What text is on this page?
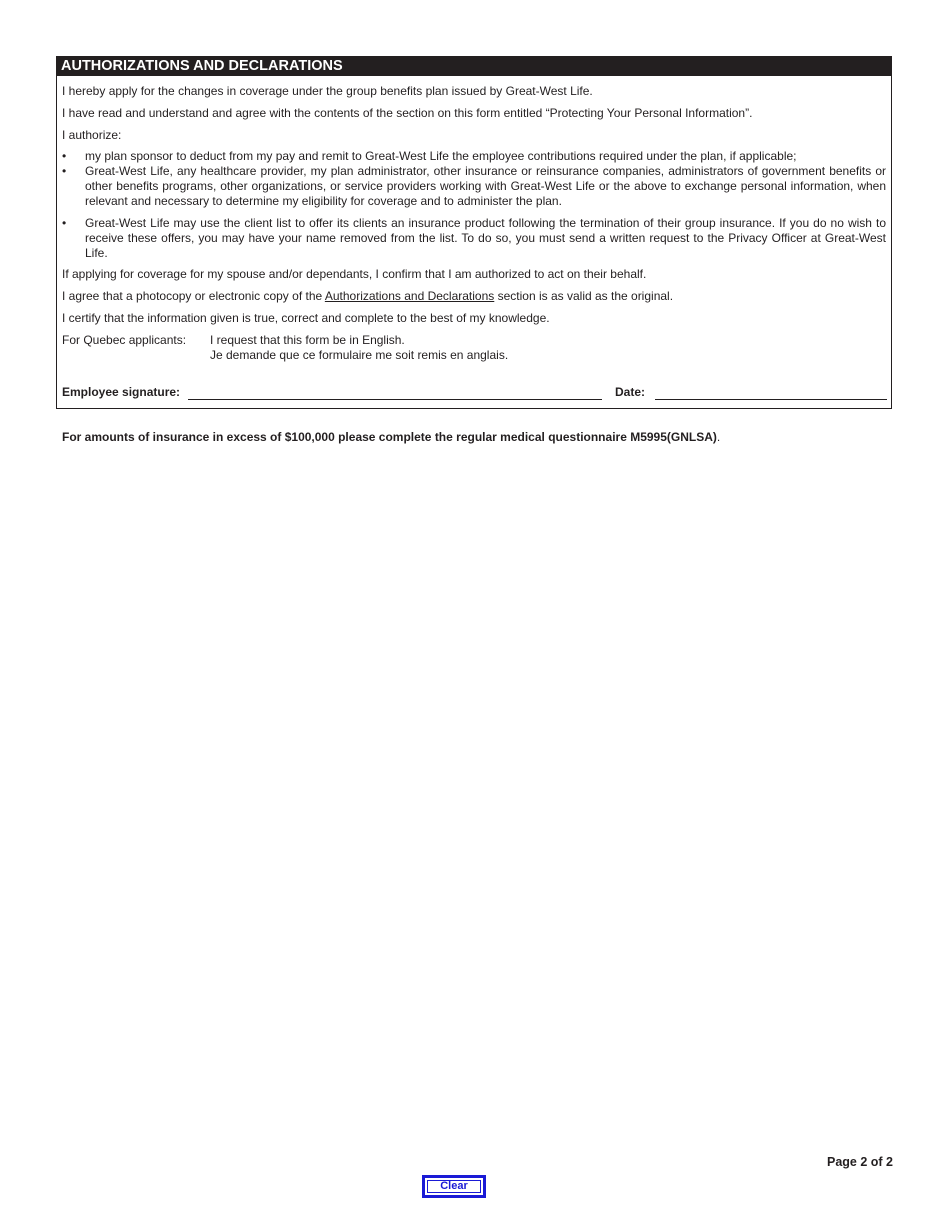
AUTHORIZATIONS AND DECLARATIONS

I hereby apply for the changes in coverage under the group benefits plan issued by Great-West Life.

I have read and understand and agree with the contents of the section on this form entitled “Protecting Your Personal Information”.

I authorize:

•	my plan sponsor to deduct from my pay and remit to Great-West Life the employee contributions required under the plan, if applicable;
•	Great-West Life, any healthcare provider, my plan administrator, other insurance or reinsurance companies, administrators of government benefits or other benefits programs, other organizations, or service providers working with Great-West Life or the above to exchange personal information, when relevant and necessary to determine my eligibility for coverage and to administer the plan.
•	Great-West Life may use the client list to offer its clients an insurance product following the termination of their group insurance. If you do no wish to receive these offers, you may have your name removed from the list. To do so, you must send a written request to the Privacy Officer at Great-West Life.

If applying for coverage for my spouse and/or dependants, I confirm that I am authorized to act on their behalf.

I agree that a photocopy or electronic copy of the Authorizations and Declarations section is as valid as the original.

I certify that the information given is true, correct and complete to the best of my knowledge.

For Quebec applicants: I request that this form be in English.
Je demande que ce formulaire me soit remis en anglais.
Employee signature:	Date:
For amounts of insurance in excess of $100,000 please complete the regular medical questionnaire M5995(GNLSA).
Page 2 of 2
Clear
